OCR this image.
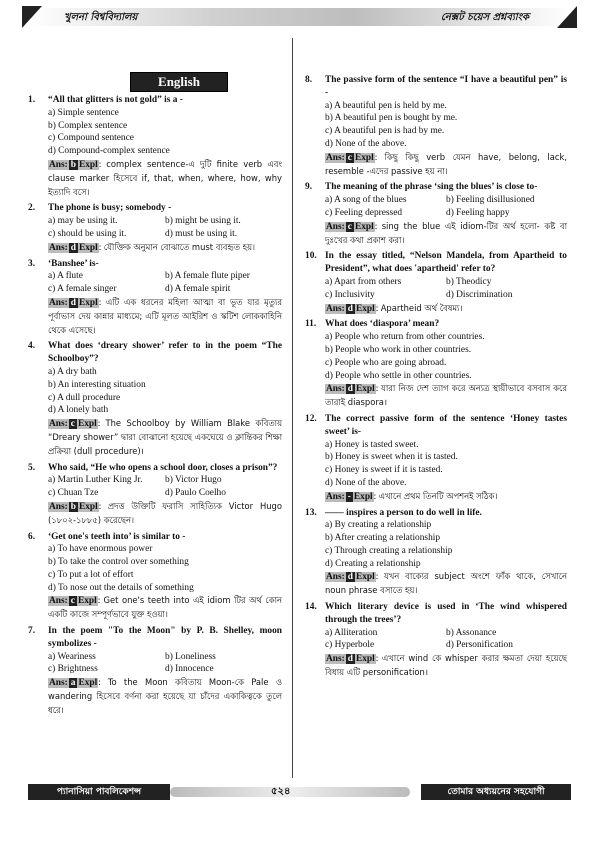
খুলনা বিশ্ববিদ্যালয়	নেক্সট চয়েস প্রশ্নব্যাংক
English
1.	“All that glitters is not gold” is a -
a) Simple sentence
b) Complex sentence
c) Compound sentence
d) Compound-complex sentence
Ans: b Expl: complex sentence-এ দুটি finite verb এবং clause marker হিসেবে if, that, when, where, how, why ইত্যাদি বসে।
2.	The phone is busy; somebody -
a) may be using it.	b) might be using it.
c) should be using it.	d) must be using it.
Ans: d Expl: যৌক্তিক অনুমান বোঝাতে must ব্যবহৃত হয়।
3.	‘Banshee’ is-
a) A flute	b) A female flute piper
c) A female singer	d) A female spirit
Ans: d Expl: এটি এক ধরনের মহিলা আত্মা বা ভূত যার মৃত্যুর পূর্বাভাস দেয় কান্নার মাধ্যমে; এটি মূলত আইরিশ ও স্কটিশ লোককাহিনি থেকে এসেছে।
4.	What does ‘dreary shower’ refer to in the poem “The Schoolboy”?
a) A dry bath
b) An interesting situation
c) A dull procedure
d) A lonely bath
Ans: c Expl: The Schoolboy by William Blake কবিতায় “Dreary shower” দ্বারা বোঝানো হয়েছে একঘেয়ে ও ক্লান্তিকর শিক্ষা প্রক্রিয়া (dull procedure)।
5.	Who said, “He who opens a school door, closes a prison”?
a) Martin Luther King Jr.	b) Victor Hugo
c) Chuan Tze	d) Paulo Coelho
Ans: b Expl: প্রদত্ত উক্তিটি ফরাসি সাহিত্যিক Victor Hugo (১৮০২-১৮৮৫) করেছেন।
6.	‘Get one's teeth into’ is similar to -
a) To have enormous power
b) To take the control over something
c) To put a lot of effort
d) To nose out the details of something
Ans: c Expl: Get one's teeth into এই idiom টির অর্থ কোন একটি কাজে সম্পূর্ণভাবে যুক্ত হওয়া।
7.	In the poem "To the Moon" by P. B. Shelley, moon symbolizes -
a) Weariness	b) Loneliness
c) Brightness	d) Innocence
Ans: a Expl: To the Moon কবিতায় Moon-কে Pale ও wandering হিসেবে বর্ণনা করা হয়েছে যা চাঁদের একাকিত্বকে তুলে ধরে।
8.	The passive form of the sentence “I have a beautiful pen” is -
a) A beautiful pen is held by me.
b) A beautiful pen is bought by me.
c) A beautiful pen is had by me.
d) None of the above.
Ans: c Expl: কিছু কিছু verb যেমন have, belong, lack, resemble -এদের passive হয় না।
9.	The meaning of the phrase ‘sing the blues’ is close to-
a) A song of the blues	b) Feeling disillusioned
c) Feeling depressed	d) Feeling happy
Ans: c Expl: sing the blue এই idiom-টির অর্থ হলো- কষ্ট বা দুঃখের কথা প্রকাশ করা।
10. In the essay titled, “Nelson Mandela, from Apartheid to President”, what does 'apartheid' refer to?
a) Apart from others	b) Theodicy
c) Inclusivity	d) Discrimination
Ans: d Expl: Apartheid অর্থ বৈষম্য।
11. What does ‘diaspora’ mean?
a) People who return from other countries.
b) People who work in other countries.
c) People who are going abroad.
d) People who settle in other countries.
Ans: d Expl: যারা নিজ দেশ ত্যাগ করে অন্যত্র স্থায়ীভাবে বসবাস করে তারাই diaspora।
12. The correct passive form of the sentence ‘Honey tastes sweet’ is-
a) Honey is tasted sweet.
b) Honey is sweet when it is tasted.
c) Honey is sweet if it is tasted.
d) None of the above.
Ans: - Expl: এখানে প্রথম তিনটি অপশনই সঠিক।
13. —— inspires a person to do well in life.
a) By creating a relationship
b) After creating a relationship
c) Through creating a relationship
d) Creating a relationship
Ans: d Expl: যখন বাক্যের subject অংশে ফাঁক থাকে, সেখানে noun phrase বসাতে হয়।
14. Which literary device is used in ‘The wind whispered through the trees’?
a) Alliteration	b) Assonance
c) Hyperbole	d) Personification
Ans: d Expl: এখানে wind কে whisper করার ক্ষমতা দেয়া হয়েছে বিধায় এটি personification।
প্যানাসিয়া পাবলিকেশন্স	৫২৪	তোমার অধ্যয়নের সহযোগী
